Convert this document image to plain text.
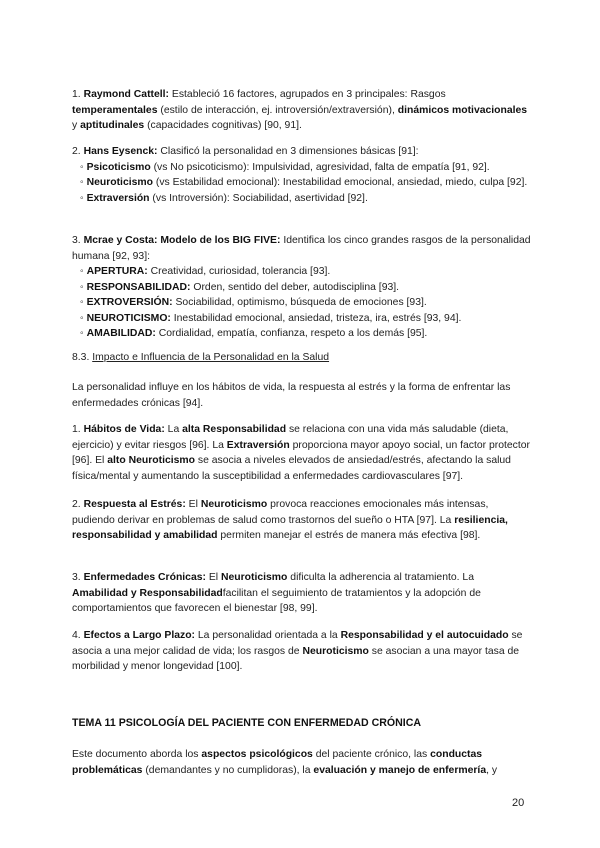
1. Raymond Cattell: Estableció 16 factores, agrupados en 3 principales: Rasgos temperamentales (estilo de interacción, ej. introversión/extraversión), dinámicos motivacionales y aptitudinales (capacidades cognitivas) [90, 91].
2. Hans Eysenck: Clasificó la personalidad en 3 dimensiones básicas [91]:
◦ Psicoticismo (vs No psicoticismo): Impulsividad, agresividad, falta de empatía [91, 92].
◦ Neuroticismo (vs Estabilidad emocional): Inestabilidad emocional, ansiedad, miedo, culpa [92].
◦ Extraversión (vs Introversión): Sociabilidad, asertividad [92].
3. Mcrae y Costa: Modelo de los BIG FIVE: Identifica los cinco grandes rasgos de la personalidad humana [92, 93]:
◦ APERTURA: Creatividad, curiosidad, tolerancia [93].
◦ RESPONSABILIDAD: Orden, sentido del deber, autodisciplina [93].
◦ EXTROVERSIÓN: Sociabilidad, optimismo, búsqueda de emociones [93].
◦ NEUROTICISMO: Inestabilidad emocional, ansiedad, tristeza, ira, estrés [93, 94].
◦ AMABILIDAD: Cordialidad, empatía, confianza, respeto a los demás [95].
8.3. Impacto e Influencia de la Personalidad en la Salud
La personalidad influye en los hábitos de vida, la respuesta al estrés y la forma de enfrentar las enfermedades crónicas [94].
1. Hábitos de Vida: La alta Responsabilidad se relaciona con una vida más saludable (dieta, ejercicio) y evitar riesgos [96]. La Extraversión proporciona mayor apoyo social, un factor protector [96]. El alto Neuroticismo se asocia a niveles elevados de ansiedad/estrés, afectando la salud física/mental y aumentando la susceptibilidad a enfermedades cardiovasculares [97].
2. Respuesta al Estrés: El Neuroticismo provoca reacciones emocionales más intensas, pudiendo derivar en problemas de salud como trastornos del sueño o HTA [97]. La resiliencia, responsabilidad y amabilidad permiten manejar el estrés de manera más efectiva [98].
3. Enfermedades Crónicas: El Neuroticismo dificulta la adherencia al tratamiento. La Amabilidad y Responsabilidadfacilitan el seguimiento de tratamientos y la adopción de comportamientos que favorecen el bienestar [98, 99].
4. Efectos a Largo Plazo: La personalidad orientada a la Responsabilidad y el autocuidado se asocia a una mejor calidad de vida; los rasgos de Neuroticismo se asocian a una mayor tasa de morbilidad y menor longevidad [100].
TEMA 11 PSICOLOGÍA DEL PACIENTE CON ENFERMEDAD CRÓNICA
Este documento aborda los aspectos psicológicos del paciente crónico, las conductas problemáticas (demandantes y no cumplidoras), la evaluación y manejo de enfermería, y
20
